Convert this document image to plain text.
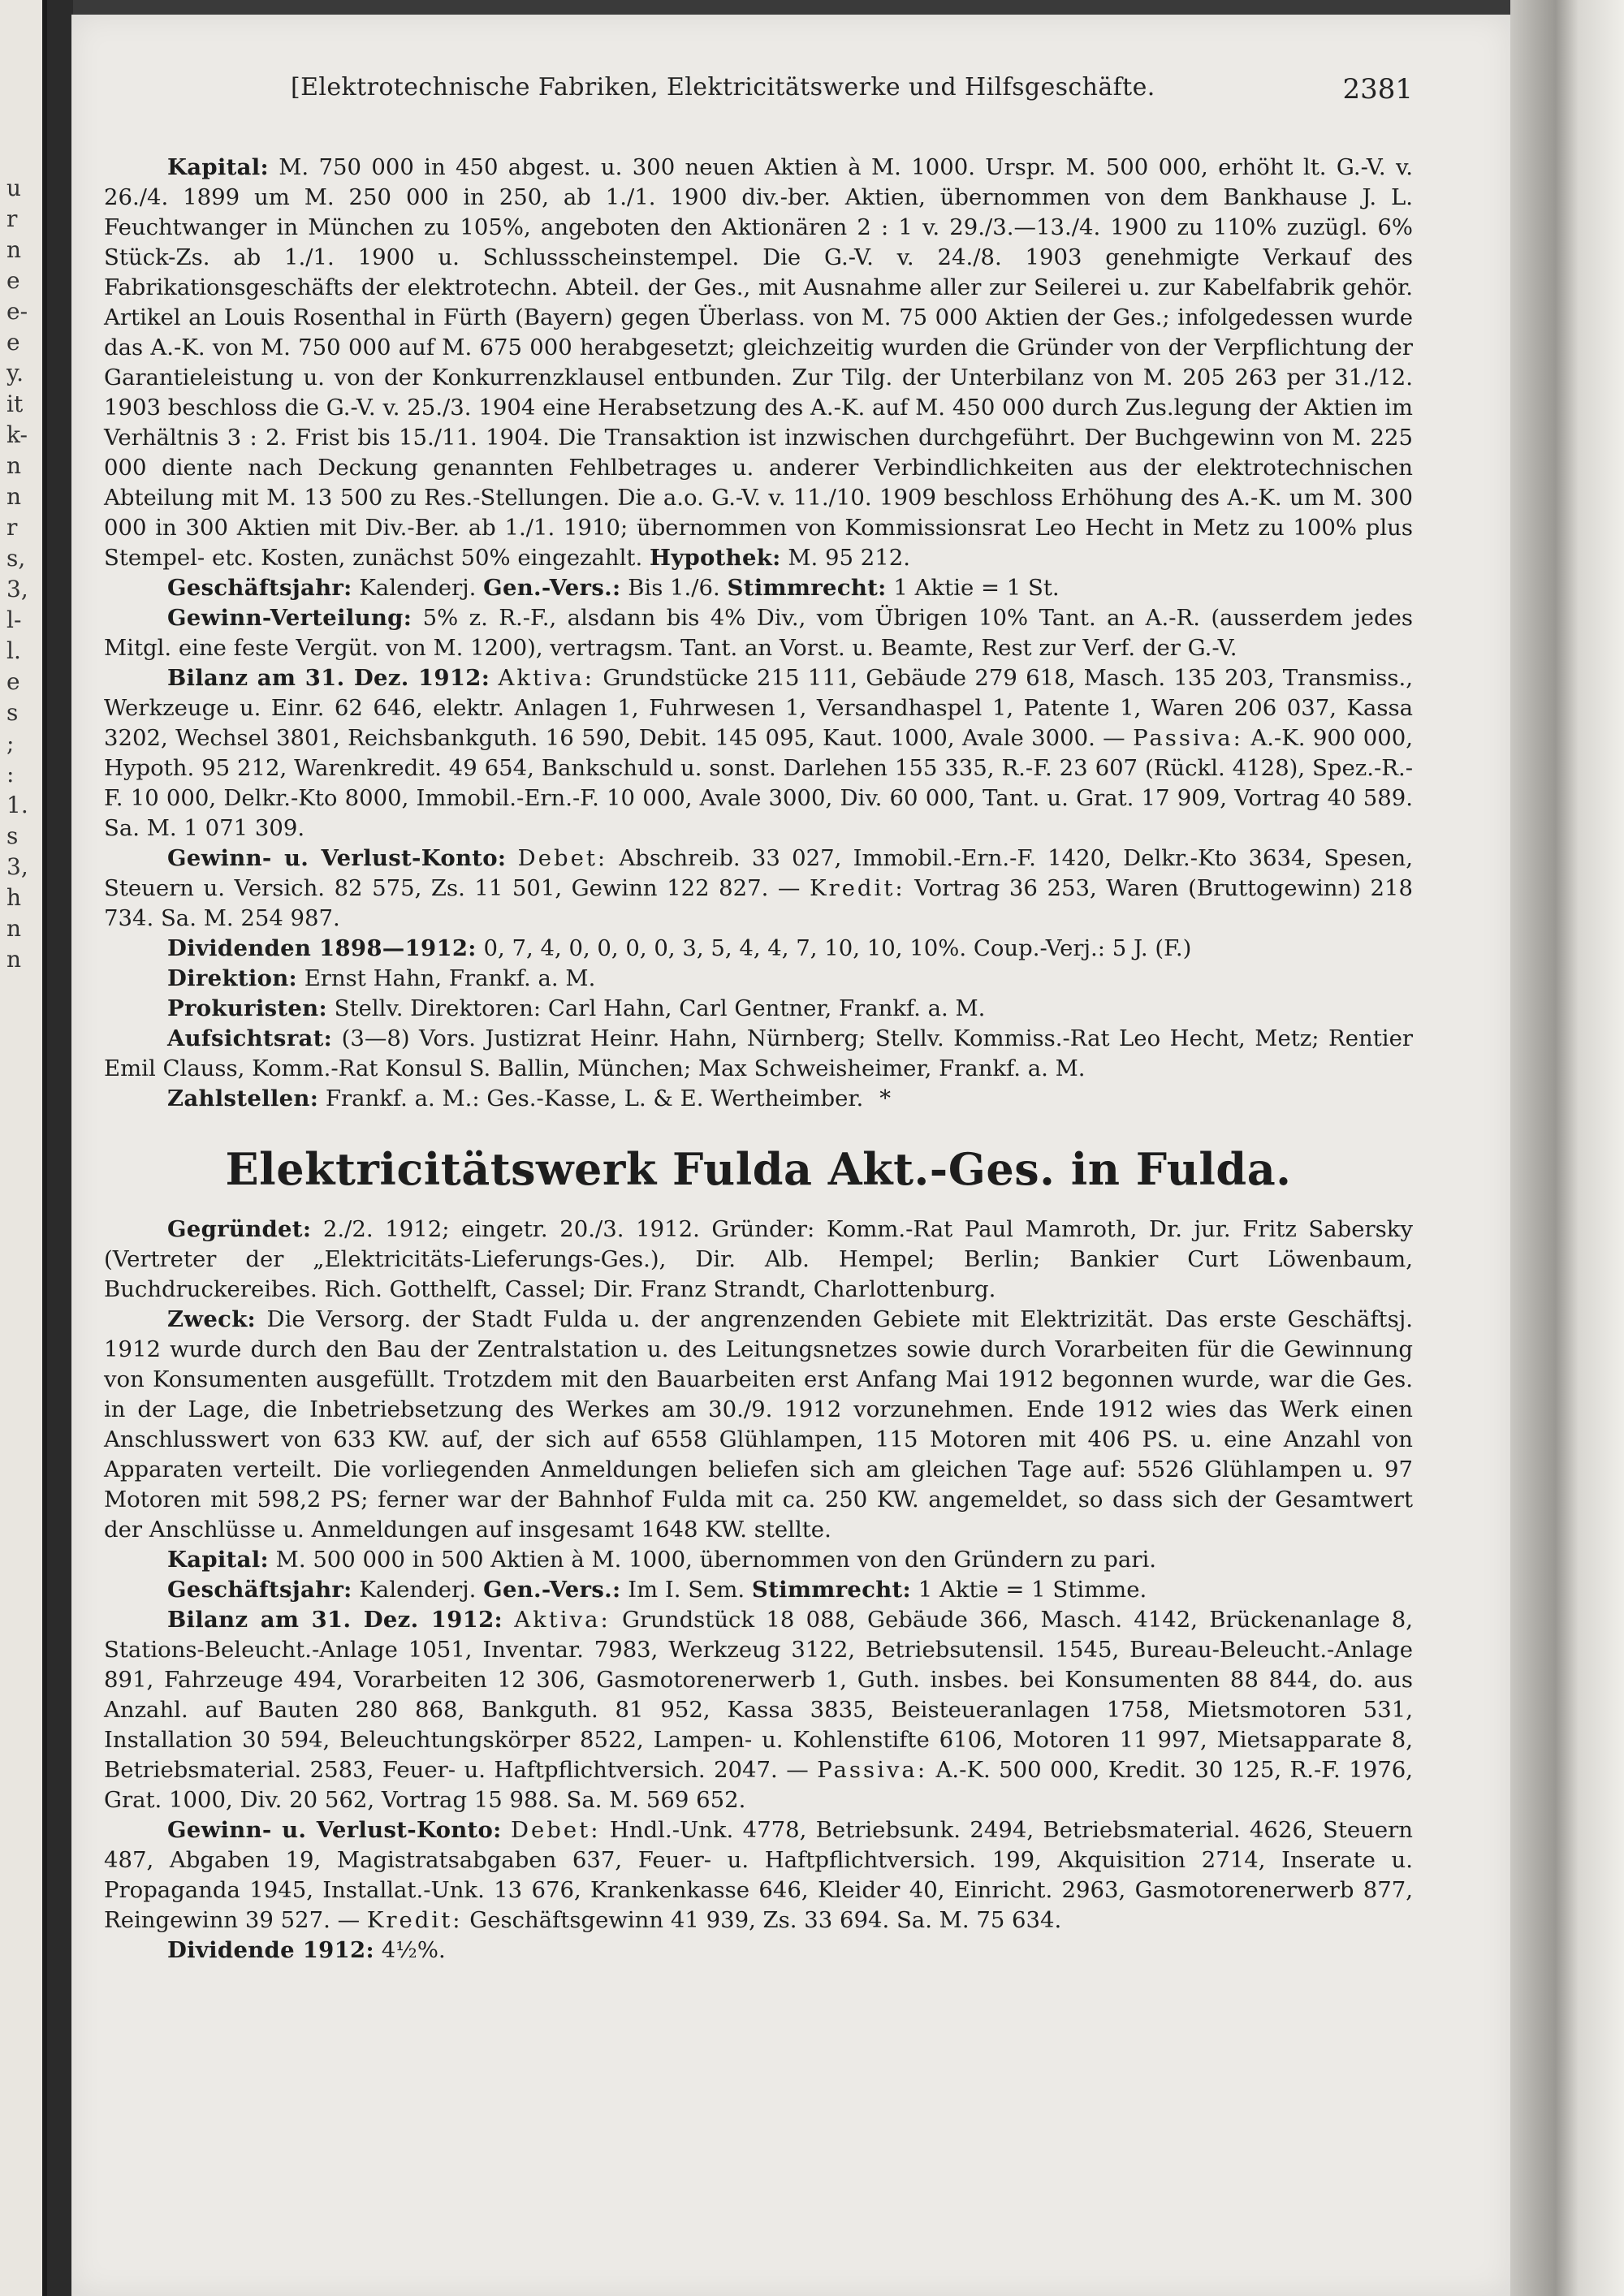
u
r
n
e
e-
e
y.
it
k-
n
n
r
s,
3,
l-
l.
e
s
;
:
1.
s
3,
h
n
n
[Elektrotechnische Fabriken, Elektricitätswerke und Hilfsgeschäfte.	2381

Kapital: M. 750 000 in 450 abgest. u. 300 neuen Aktien à M. 1000. Urspr. M. 500 000, erhöht lt. G.-V. v. 26./4. 1899 um M. 250 000 in 250, ab 1./1. 1900 div.-ber. Aktien, übernommen von dem Bankhause J. L. Feuchtwanger in München zu 105%, angeboten den Aktionären 2 : 1 v. 29./3.—13./4. 1900 zu 110% zuzügl. 6% Stück-Zs. ab 1./1. 1900 u. Schlussscheinstempel. Die G.-V. v. 24./8. 1903 genehmigte Verkauf des Fabrikationsgeschäfts der elektrotechn. Abteil. der Ges., mit Ausnahme aller zur Seilerei u. zur Kabelfabrik gehör. Artikel an Louis Rosenthal in Fürth (Bayern) gegen Überlass. von M. 75 000 Aktien der Ges.; infolgedessen wurde das A.-K. von M. 750 000 auf M. 675 000 herabgesetzt; gleichzeitig wurden die Gründer von der Verpflichtung der Garantieleistung u. von der Konkurrenzklausel entbunden. Zur Tilg. der Unterbilanz von M. 205 263 per 31./12. 1903 beschloss die G.-V. v. 25./3. 1904 eine Herabsetzung des A.-K. auf M. 450 000 durch Zus.legung der Aktien im Verhältnis 3 : 2. Frist bis 15./11. 1904. Die Transaktion ist inzwischen durchgeführt. Der Buchgewinn von M. 225 000 diente nach Deckung genannten Fehlbetrages u. anderer Verbindlichkeiten aus der elektrotechnischen Abteilung mit M. 13 500 zu Res.-Stellungen. Die a.o. G.-V. v. 11./10. 1909 beschloss Erhöhung des A.-K. um M. 300 000 in 300 Aktien mit Div.-Ber. ab 1./1. 1910; übernommen von Kommissionsrat Leo Hecht in Metz zu 100% plus Stempel- etc. Kosten, zunächst 50% eingezahlt. Hypothek: M. 95 212.

Geschäftsjahr: Kalenderj. Gen.-Vers.: Bis 1./6. Stimmrecht: 1 Aktie = 1 St.

Gewinn-Verteilung: 5% z. R.-F., alsdann bis 4% Div., vom Übrigen 10% Tant. an A.-R. (ausserdem jedes Mitgl. eine feste Vergüt. von M. 1200), vertragsm. Tant. an Vorst. u. Beamte, Rest zur Verf. der G.-V.

Bilanz am 31. Dez. 1912: Aktiva: Grundstücke 215 111, Gebäude 279 618, Masch. 135 203, Transmiss., Werkzeuge u. Einr. 62 646, elektr. Anlagen 1, Fuhrwesen 1, Versandhaspel 1, Patente 1, Waren 206 037, Kassa 3202, Wechsel 3801, Reichsbankguth. 16 590, Debit. 145 095, Kaut. 1000, Avale 3000. — Passiva: A.-K. 900 000, Hypoth. 95 212, Warenkredit. 49 654, Bankschuld u. sonst. Darlehen 155 335, R.-F. 23 607 (Rückl. 4128), Spez.-R.-F. 10 000, Delkr.-Kto 8000, Immobil.-Ern.-F. 10 000, Avale 3000, Div. 60 000, Tant. u. Grat. 17 909, Vortrag 40 589. Sa. M. 1 071 309.

Gewinn- u. Verlust-Konto: Debet: Abschreib. 33 027, Immobil.-Ern.-F. 1420, Delkr.-Kto 3634, Spesen, Steuern u. Versich. 82 575, Zs. 11 501, Gewinn 122 827. — Kredit: Vortrag 36 253, Waren (Bruttogewinn) 218 734. Sa. M. 254 987.

Dividenden 1898—1912: 0, 7, 4, 0, 0, 0, 0, 3, 5, 4, 4, 7, 10, 10, 10%. Coup.-Verj.: 5 J. (F.)

Direktion: Ernst Hahn, Frankf. a. M.

Prokuristen: Stellv. Direktoren: Carl Hahn, Carl Gentner, Frankf. a. M.

Aufsichtsrat: (3—8) Vors. Justizrat Heinr. Hahn, Nürnberg; Stellv. Kommiss.-Rat Leo Hecht, Metz; Rentier Emil Clauss, Komm.-Rat Konsul S. Ballin, München; Max Schweisheimer, Frankf. a. M.

Zahlstellen: Frankf. a. M.: Ges.-Kasse, L. & E. Wertheimber. *

Elektricitätswerk Fulda Akt.-Ges. in Fulda.

Gegründet: 2./2. 1912; eingetr. 20./3. 1912. Gründer: Komm.-Rat Paul Mamroth, Dr. jur. Fritz Sabersky (Vertreter der „Elektricitäts-Lieferungs-Ges.), Dir. Alb. Hempel; Berlin; Bankier Curt Löwenbaum, Buchdruckereibes. Rich. Gotthelft, Cassel; Dir. Franz Strandt, Charlottenburg.

Zweck: Die Versorg. der Stadt Fulda u. der angrenzenden Gebiete mit Elektrizität. Das erste Geschäftsj. 1912 wurde durch den Bau der Zentralstation u. des Leitungsnetzes sowie durch Vorarbeiten für die Gewinnung von Konsumenten ausgefüllt. Trotzdem mit den Bauarbeiten erst Anfang Mai 1912 begonnen wurde, war die Ges. in der Lage, die Inbetriebsetzung des Werkes am 30./9. 1912 vorzunehmen. Ende 1912 wies das Werk einen Anschlusswert von 633 KW. auf, der sich auf 6558 Glühlampen, 115 Motoren mit 406 PS. u. eine Anzahl von Apparaten verteilt. Die vorliegenden Anmeldungen beliefen sich am gleichen Tage auf: 5526 Glühlampen u. 97 Motoren mit 598,2 PS; ferner war der Bahnhof Fulda mit ca. 250 KW. angemeldet, so dass sich der Gesamtwert der Anschlüsse u. Anmeldungen auf insgesamt 1648 KW. stellte.

Kapital: M. 500 000 in 500 Aktien à M. 1000, übernommen von den Gründern zu pari.

Geschäftsjahr: Kalenderj. Gen.-Vers.: Im I. Sem. Stimmrecht: 1 Aktie = 1 Stimme.

Bilanz am 31. Dez. 1912: Aktiva: Grundstück 18 088, Gebäude 366, Masch. 4142, Brückenanlage 8, Stations-Beleucht.-Anlage 1051, Inventar. 7983, Werkzeug 3122, Betriebsutensil. 1545, Bureau-Beleucht.-Anlage 891, Fahrzeuge 494, Vorarbeiten 12 306, Gasmotorenerwerb 1, Guth. insbes. bei Konsumenten 88 844, do. aus Anzahl. auf Bauten 280 868, Bankguth. 81 952, Kassa 3835, Beisteueranlagen 1758, Mietsmotoren 531, Installation 30 594, Beleuchtungskörper 8522, Lampen- u. Kohlenstifte 6106, Motoren 11 997, Mietsapparate 8, Betriebsmaterial. 2583, Feuer- u. Haftpflichtversich. 2047. — Passiva: A.-K. 500 000, Kredit. 30 125, R.-F. 1976, Grat. 1000, Div. 20 562, Vortrag 15 988. Sa. M. 569 652.

Gewinn- u. Verlust-Konto: Debet: Hndl.-Unk. 4778, Betriebsunk. 2494, Betriebsmaterial. 4626, Steuern 487, Abgaben 19, Magistratsabgaben 637, Feuer- u. Haftpflichtversich. 199, Akquisition 2714, Inserate u. Propaganda 1945, Installat.-Unk. 13 676, Krankenkasse 646, Kleider 40, Einricht. 2963, Gasmotorenerwerb 877, Reingewinn 39 527. — Kredit: Geschäftsgewinn 41 939, Zs. 33 694. Sa. M. 75 634.

Dividende 1912: 4½%.
